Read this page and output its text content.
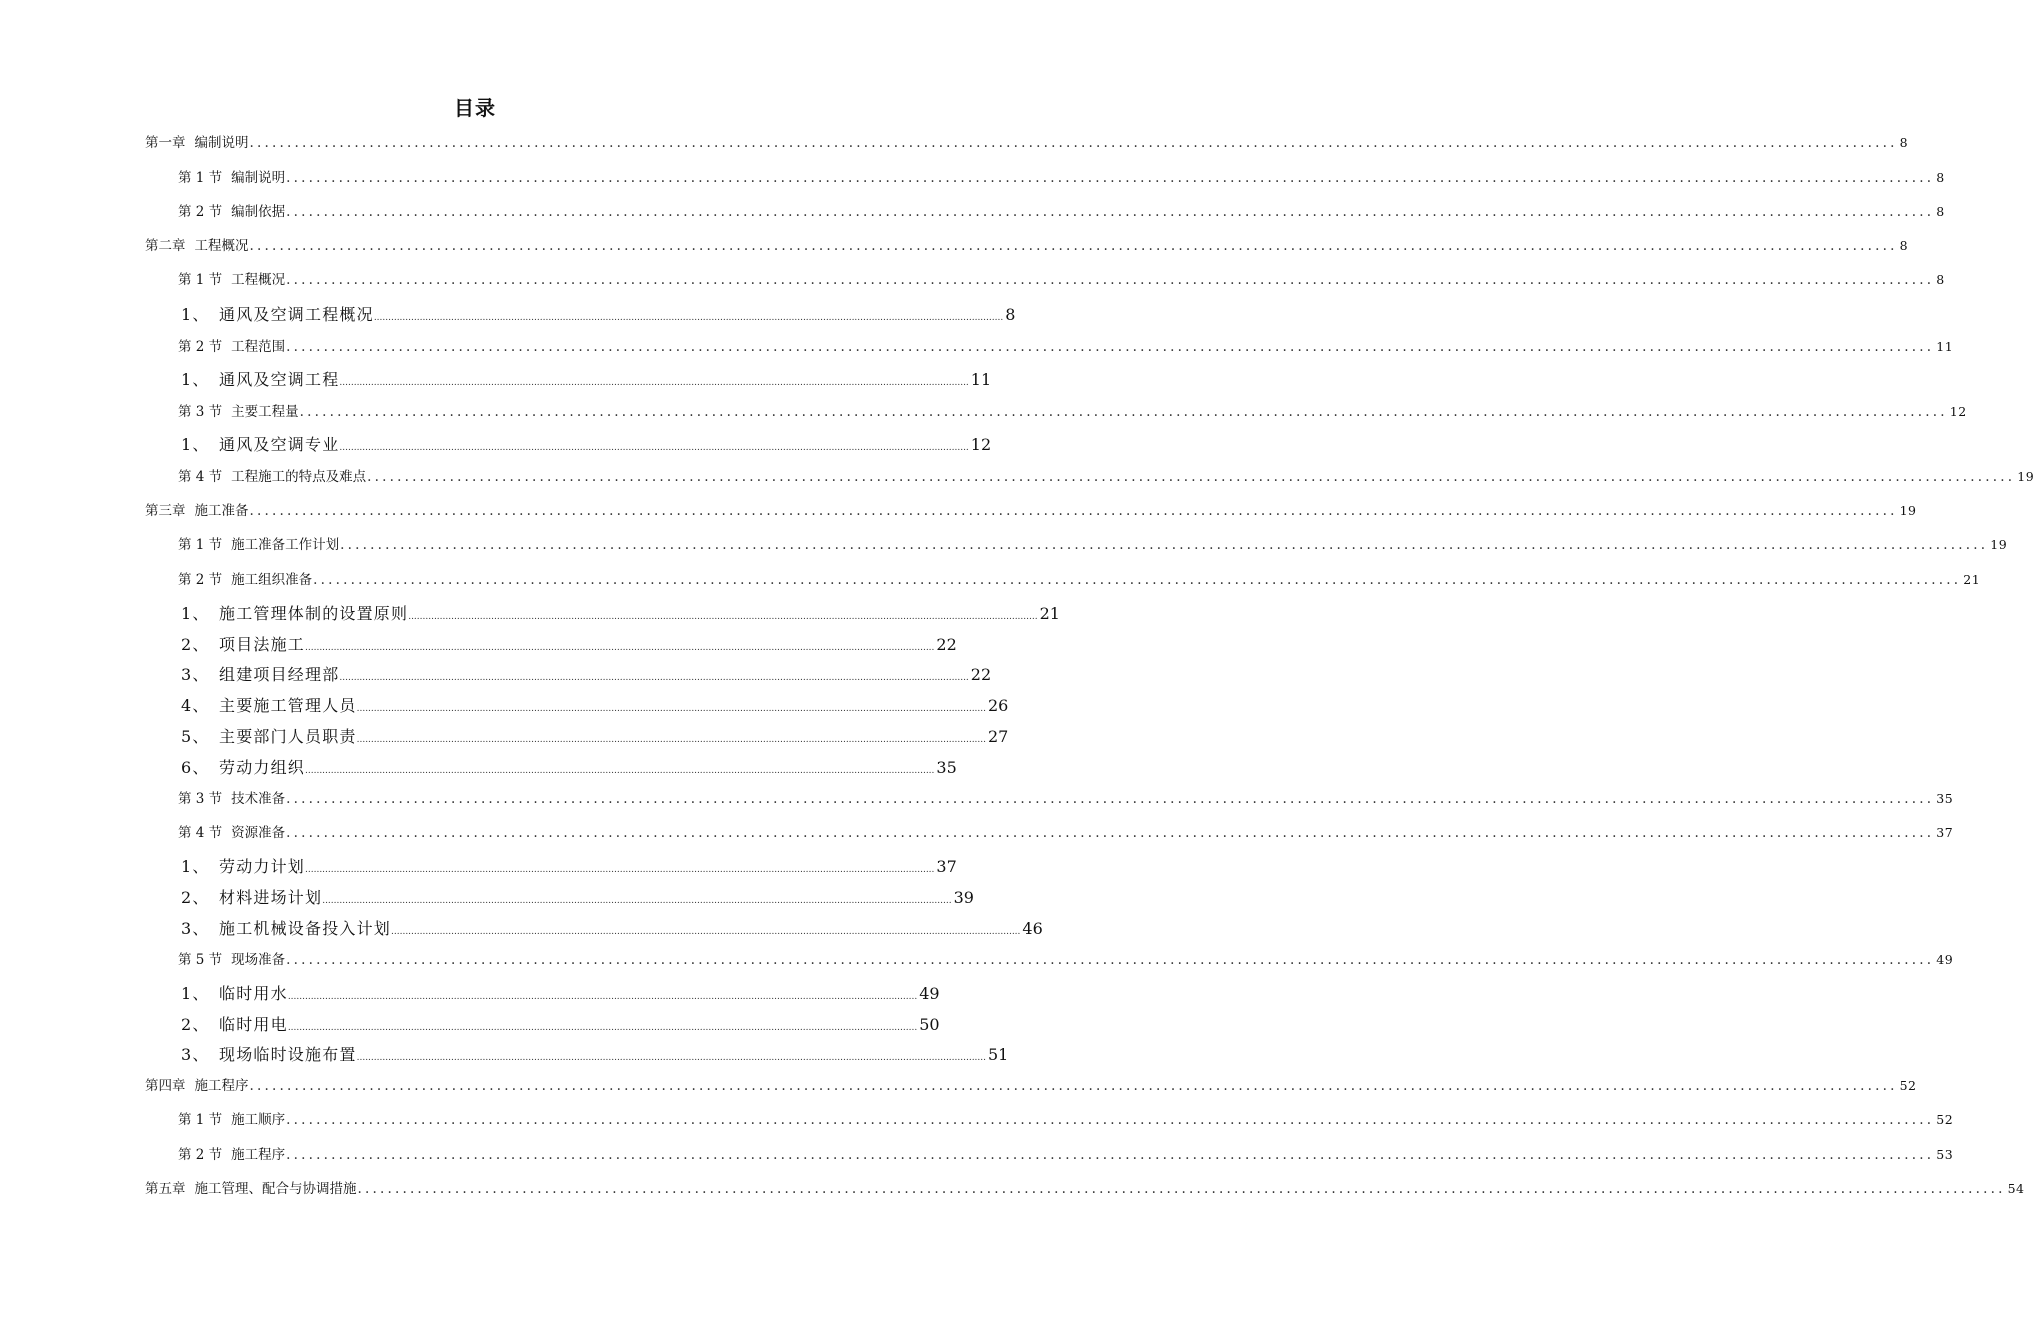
目录
第一章 编制说明 ............................................................................................................................................................................................................................ 8
第 1 节 编制说明 ............................................................................................................................................................................................................................ 8
第 2 节 编制依据 ............................................................................................................................................................................................................................ 8
第二章 工程概况 ............................................................................................................................................................................................................................ 8
第 1 节 工程概况 ............................................................................................................................................................................................................................ 8
1、 通风及空调工程概况 ............................................................................................................................................................................................................................ 8
第 2 节 工程范围 ............................................................................................................................................................................................................................ 11
1、 通风及空调工程 ............................................................................................................................................................................................................................ 11
第 3 节 主要工程量 ............................................................................................................................................................................................................................ 12
1、 通风及空调专业 ............................................................................................................................................................................................................................ 12
第 4 节 工程施工的特点及难点 ............................................................................................................................................................................................................................ 19
第三章 施工准备 ............................................................................................................................................................................................................................ 19
第 1 节 施工准备工作计划 ............................................................................................................................................................................................................................ 19
第 2 节 施工组织准备 ............................................................................................................................................................................................................................ 21
1、 施工管理体制的设置原则 ............................................................................................................................................................................................................................ 21
2、 项目法施工 ............................................................................................................................................................................................................................ 22
3、 组建项目经理部 ............................................................................................................................................................................................................................ 22
4、 主要施工管理人员 ............................................................................................................................................................................................................................ 26
5、 主要部门人员职责 ............................................................................................................................................................................................................................ 27
6、 劳动力组织 ............................................................................................................................................................................................................................ 35
第 3 节 技术准备 ............................................................................................................................................................................................................................ 35
第 4 节 资源准备 ............................................................................................................................................................................................................................ 37
1、 劳动力计划 ............................................................................................................................................................................................................................ 37
2、 材料进场计划 ............................................................................................................................................................................................................................ 39
3、 施工机械设备投入计划 ............................................................................................................................................................................................................................ 46
第 5 节 现场准备 ............................................................................................................................................................................................................................ 49
1、 临时用水 ............................................................................................................................................................................................................................ 49
2、 临时用电 ............................................................................................................................................................................................................................ 50
3、 现场临时设施布置 ............................................................................................................................................................................................................................ 51
第四章 施工程序 ............................................................................................................................................................................................................................ 52
第 1 节 施工顺序 ............................................................................................................................................................................................................................ 52
第 2 节 施工程序 ............................................................................................................................................................................................................................ 53
第五章 施工管理、配合与协调措施 ............................................................................................................................................................................................................................ 54
